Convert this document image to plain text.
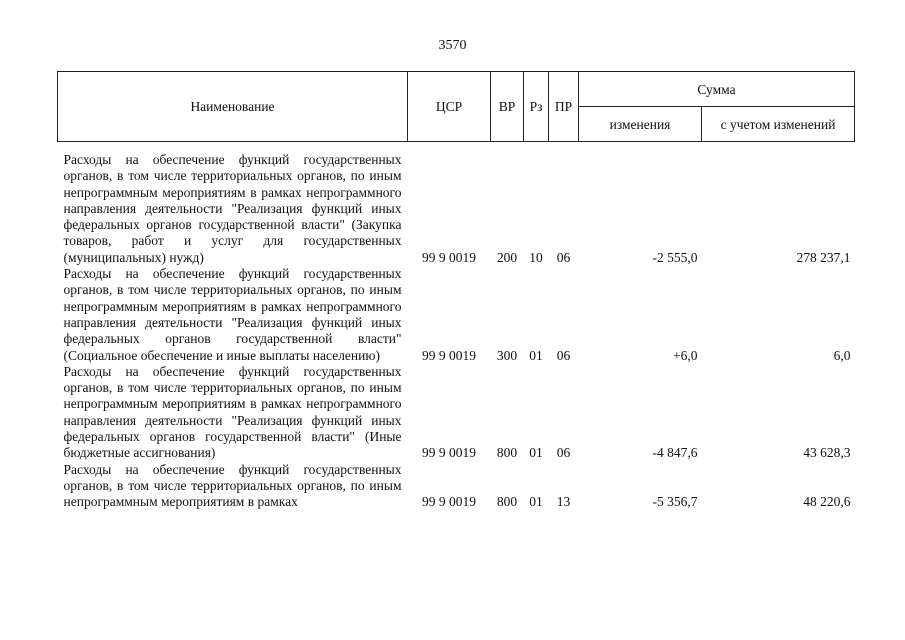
3570
Наименование	ЦСР	ВР	Рз	ПР	Сумма	
					изменения	с учетом изменений
Расходы на обеспечение функций государственных органов, в том числе территориальных органов, по иным непрограммным мероприятиям в рамках непрограммного направления деятельности "Реализация функций иных федеральных органов государственной власти" (Закупка товаров, работ и услуг для государственных (муниципальных) нужд)	99 9 0019	200	10	06	-2 555,0	278 237,1
Расходы на обеспечение функций государственных органов, в том числе территориальных органов, по иным непрограммным мероприятиям в рамках непрограммного направления деятельности "Реализация функций иных федеральных органов государственной власти" (Социальное обеспечение и иные выплаты населению)	99 9 0019	300	01	06	+6,0	6,0
Расходы на обеспечение функций государственных органов, в том числе территориальных органов, по иным непрограммным мероприятиям в рамках непрограммного направления деятельности "Реализация функций иных федеральных органов государственной власти" (Иные бюджетные ассигнования)	99 9 0019	800	01	06	-4 847,6	43 628,3
Расходы на обеспечение функций государственных органов, в том числе территориальных органов, по иным непрограммным мероприятиям в рамках	99 9 0019	800	01	13	-5 356,7	48 220,6
